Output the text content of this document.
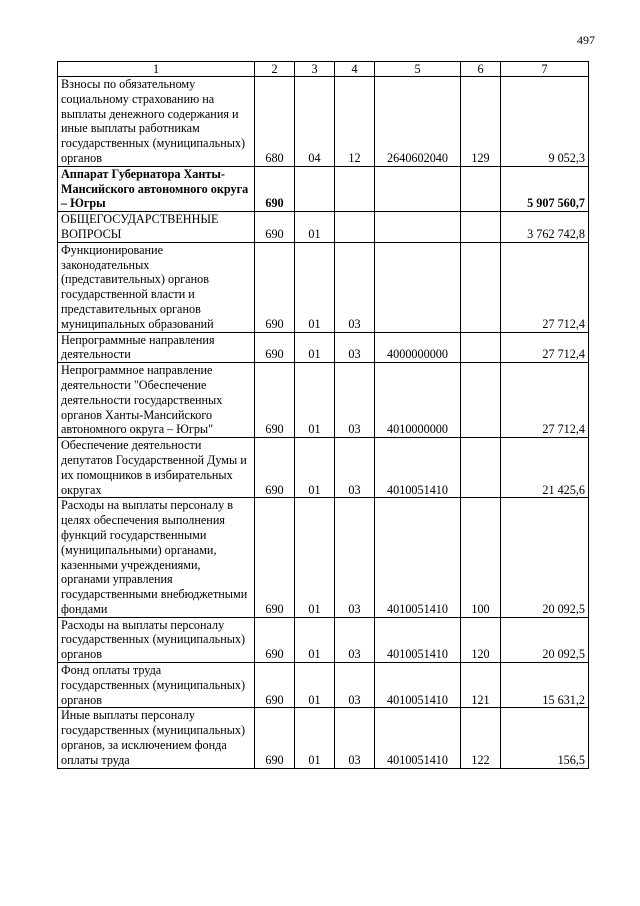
497
1	2	3	4	5	6	7
Взносы по обязательному социальному страхованию на выплаты денежного содержания и иные выплаты работникам государственных (муниципальных) органов	680	04	12	2640602040	129	9 052,3
Аппарат Губернатора Ханты-Мансийского автономного округа – Югры	690					5 907 560,7
ОБЩЕГОСУДАРСТВЕННЫЕ ВОПРОСЫ	690	01				3 762 742,8
Функционирование законодательных (представительных) органов государственной власти и представительных органов муниципальных образований	690	01	03			27 712,4
Непрограммные направления деятельности	690	01	03	4000000000		27 712,4
Непрограммное направление деятельности "Обеспечение деятельности государственных органов Ханты-Мансийского автономного округа – Югры"	690	01	03	4010000000		27 712,4
Обеспечение деятельности депутатов Государственной Думы и их помощников в избирательных округах	690	01	03	4010051410		21 425,6
Расходы на выплаты персоналу в целях обеспечения выполнения функций государственными (муниципальными) органами, казенными учреждениями, органами управления государственными внебюджетными фондами	690	01	03	4010051410	100	20 092,5
Расходы на выплаты персоналу государственных (муниципальных) органов	690	01	03	4010051410	120	20 092,5
Фонд оплаты труда государственных (муниципальных) органов	690	01	03	4010051410	121	15 631,2
Иные выплаты персоналу государственных (муниципальных) органов, за исключением фонда оплаты труда	690	01	03	4010051410	122	156,5
